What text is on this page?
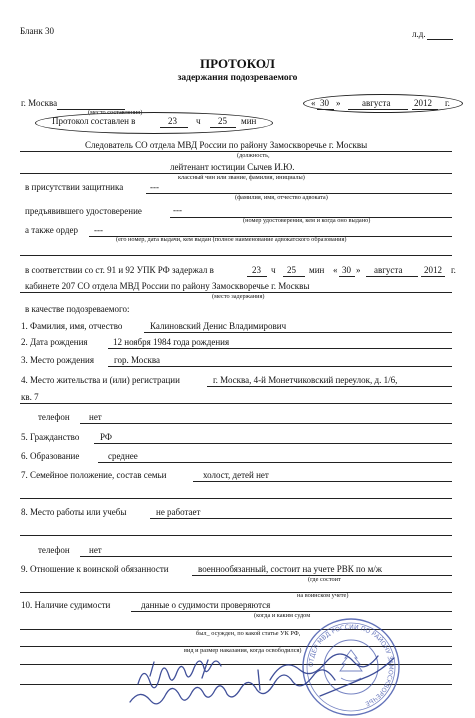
Бланк 30	л.д.
ПРОТОКОЛ
задержания подозреваемого
г. Москва
(место составления)
« 30 » августа	2012 г.
Протокол составлен в	23 ч 25 мин
Следователь СО отдела МВД России по району Замоскворечье г. Москвы
(должность,
лейтенант юстиции Сычев И.Ю.
классный чин или звание, фамилия, инициалы)
в присутствии защитника	---
(фамилия, имя, отчество адвоката)
предъявившего удостоверение	---
(номер удостоверения, кем и когда оно выдано)
а также ордер ---
(его номер, дата выдачи, кем выдан (полное наименование адвокатского образования)
в соответствии со ст. 91 и 92 УПК РФ задержал в	23 ч 25 мин « 30 » августа 2012 г.
кабинете 207 СО отдела МВД России по району Замоскворечье г. Москвы
(место задержания)
в качестве подозреваемого:
1. Фамилия, имя, отчество	Калиновский Денис Владимирович
2. Дата рождения	12 ноября 1984 года рождения
3. Место рождения гор. Москва
4. Место жительства и (или) регистрации	г. Москва, 4-й Монетчиковский переулок, д. 1/6,
кв. 7
телефон нет
5. Гражданство РФ
6. Образование	среднее
7. Семейное положение, состав семьи	холост, детей нет
8. Место работы или учебы	не работает
телефон нет
9. Отношение к воинской обязанности	военнообязанный, состоит на учете РВК по м/ж
(где состоит
на воинском учете)
10. Наличие судимости	данные о судимости проверяются
(когда и каким судом
был_ осужден, по какой статье УК РФ,
вид и размер наказания, когда освободился)
ОТДЕЛ МВД РОССИИ ПО РАЙОНУ ЗАМОСКВОРЕЧЬЕ
